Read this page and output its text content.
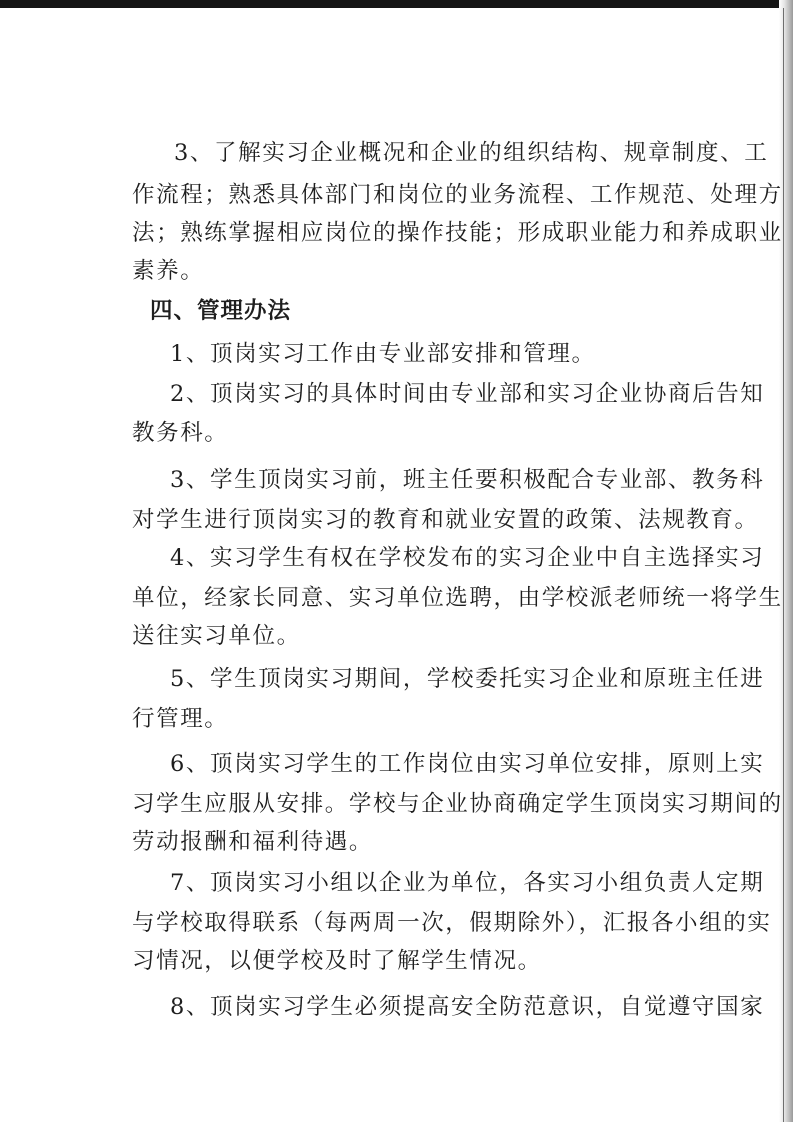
3、了解实习企业概况和企业的组织结构、规章制度、工
作流程；熟悉具体部门和岗位的业务流程、工作规范、处理方
法；熟练掌握相应岗位的操作技能；形成职业能力和养成职业
素养。
四、管理办法
1、顶岗实习工作由专业部安排和管理。
2、顶岗实习的具体时间由专业部和实习企业协商后告知
教务科。
3、学生顶岗实习前，班主任要积极配合专业部、教务科
对学生进行顶岗实习的教育和就业安置的政策、法规教育。
4、实习学生有权在学校发布的实习企业中自主选择实习
单位，经家长同意、实习单位选聘，由学校派老师统一将学生
送往实习单位。
5、学生顶岗实习期间，学校委托实习企业和原班主任进
行管理。
6、顶岗实习学生的工作岗位由实习单位安排，原则上实
习学生应服从安排。学校与企业协商确定学生顶岗实习期间的
劳动报酬和福利待遇。
7、顶岗实习小组以企业为单位，各实习小组负责人定期
与学校取得联系（每两周一次，假期除外），汇报各小组的实
习情况，以便学校及时了解学生情况。
8、顶岗实习学生必须提高安全防范意识，自觉遵守国家
